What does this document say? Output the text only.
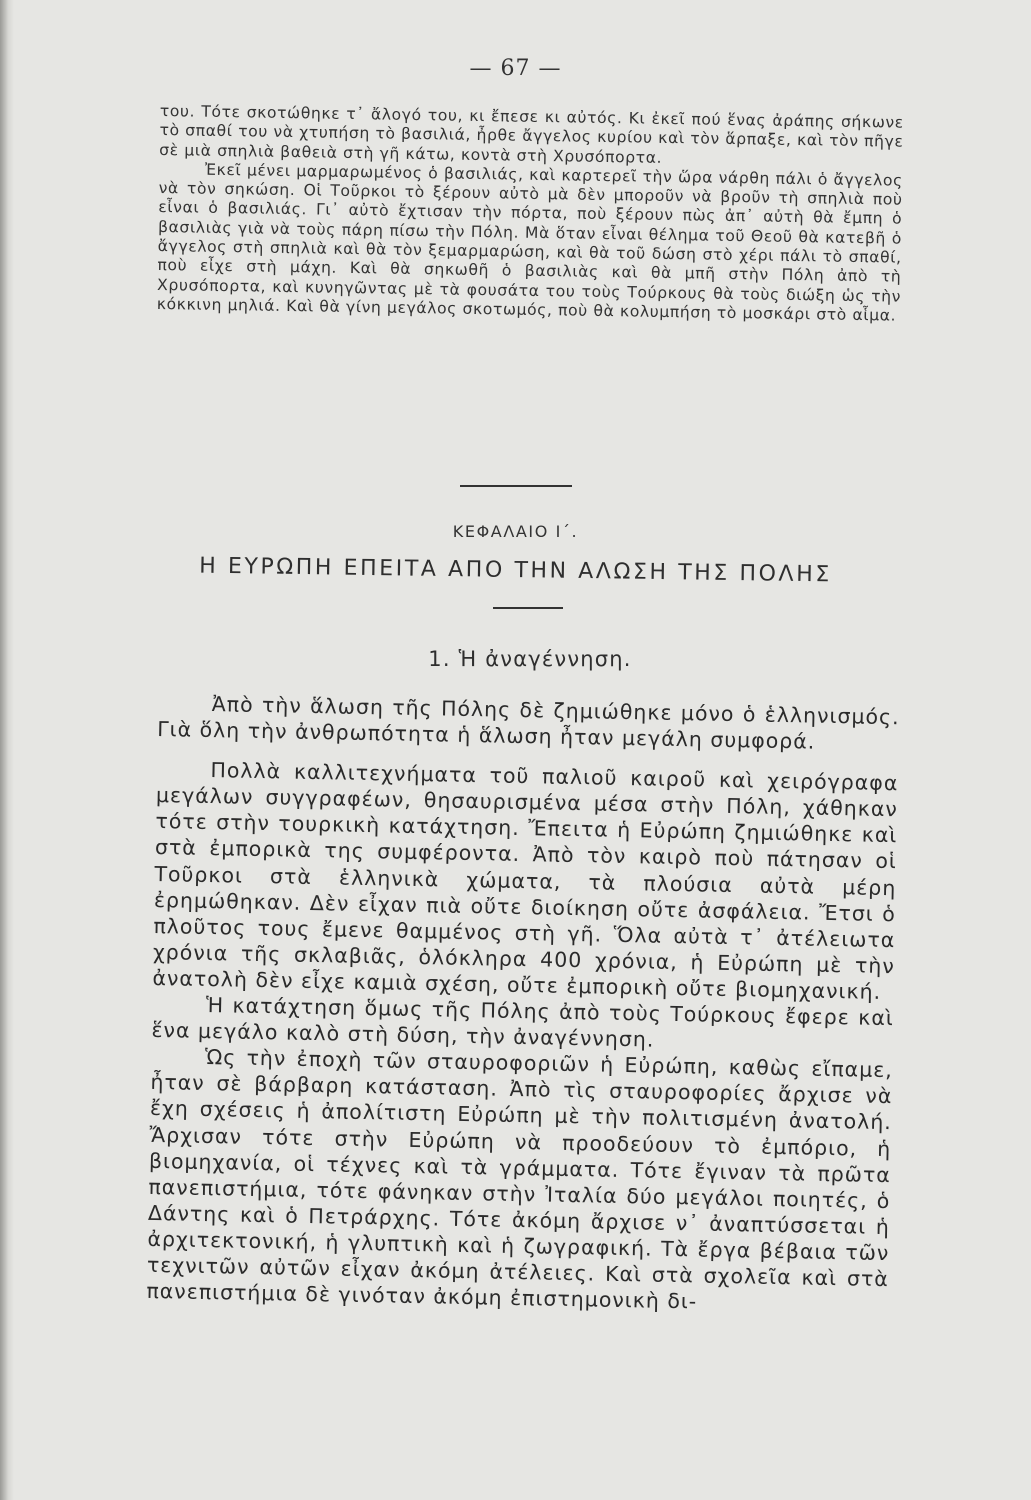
— 67 —

του. Τότε σκοτώθηκε τ᾽ ἄλογό του, κι ἔπεσε κι αὐτός. Κι ἐκεῖ πού ἕνας ἀράπης σήκωνε τὸ σπαθί του νὰ χτυπήση τὸ βασιλιά, ἦρθε ἄγγελος κυρίου καὶ τὸν ἅρπαξε, καὶ τὸν πῆγε σὲ μιὰ σπηλιὰ βαθειὰ στὴ γῆ κάτω, κοντὰ στὴ Χρυσόπορτα.

Ἐκεῖ μένει μαρμαρωμένος ὁ βασιλιάς, καὶ καρτερεῖ τὴν ὥρα νάρθη πάλι ὁ ἄγγελος νὰ τὸν σηκώση. Οἱ Τοῦρκοι τὸ ξέρουν αὐτὸ μὰ δὲν μποροῦν νὰ βροῦν τὴ σπηλιὰ ποὺ εἶναι ὁ βασιλιάς. Γι᾽ αὐτὸ ἔχτισαν τὴν πόρτα, ποὺ ξέρουν πὼς ἀπ᾽ αὐτὴ θὰ ἔμπη ὁ βασιλιὰς γιὰ νὰ τοὺς πάρη πίσω τὴν Πόλη. Μὰ ὅταν εἶναι θέλημα τοῦ Θεοῦ θὰ κατεβῆ ὁ ἄγγελος στὴ σπηλιὰ καὶ θὰ τὸν ξεμαρμαρώση, καὶ θὰ τοῦ δώση στὸ χέρι πάλι τὸ σπαθί, ποὺ εἶχε στὴ μάχη. Καὶ θὰ σηκωθῆ ὁ βασιλιὰς καὶ θὰ μπῆ στὴν Πόλη ἀπὸ τὴ Χρυσόπορτα, καὶ κυνηγῶντας μὲ τὰ φουσάτα του τοὺς Τούρκους θὰ τοὺς διώξη ὡς τὴν κόκκινη μηλιά. Καὶ θὰ γίνη μεγάλος σκοτωμός, ποὺ θὰ κολυμπήση τὸ μοσκάρι στὸ αἷμα.

ΚΕΦΑΛΑΙΟ Ι΄.
Η ΕΥΡΩΠΗ ΕΠΕΙΤΑ ΑΠΟ ΤΗΝ ΑΛΩΣΗ ΤΗΣ ΠΟΛΗΣ
1. Ἡ ἀναγέννηση.

Ἀπὸ τὴν ἅλωση τῆς Πόλης δὲ ζημιώθηκε μόνο ὁ ἑλληνισμός. Γιὰ ὅλη τὴν ἀνθρωπότητα ἡ ἅλωση ἦταν μεγάλη συμφορά.

Πολλὰ καλλιτεχνήματα τοῦ παλιοῦ καιροῦ καὶ χειρόγραφα μεγάλων συγγραφέων, θησαυρισμένα μέσα στὴν Πόλη, χάθηκαν τότε στὴν τουρκικὴ κατάχτηση. Ἔπειτα ἡ Εὐρώπη ζημιώθηκε καὶ στὰ ἐμπορικὰ της συμφέροντα. Ἀπὸ τὸν καιρὸ ποὺ πάτησαν οἱ Τοῦρκοι στὰ ἑλληνικὰ χώματα, τὰ πλούσια αὐτὰ μέρη ἐρημώθηκαν. Δὲν εἶχαν πιὰ οὔτε διοίκηση οὔτε ἀσφάλεια. Ἔτσι ὁ πλοῦτος τους ἔμενε θαμμένος στὴ γῆ. Ὅλα αὐτὰ τ᾽ ἀτέλειωτα χρόνια τῆς σκλαβιᾶς, ὁλόκληρα 400 χρόνια, ἡ Εὐρώπη μὲ τὴν ἀνατολὴ δὲν εἶχε καμιὰ σχέση, οὔτε ἐμπορικὴ οὔτε βιομηχανική.

Ἡ κατάχτηση ὅμως τῆς Πόλης ἀπὸ τοὺς Τούρκους ἔφερε καὶ ἕνα μεγάλο καλὸ στὴ δύση, τὴν ἀναγέννηση.

Ὡς τὴν ἐποχὴ τῶν σταυροφοριῶν ἡ Εὐρώπη, καθὼς εἴπαμε, ἦταν σὲ βάρβαρη κατάσταση. Ἀπὸ τὶς σταυροφορίες ἄρχισε νὰ ἔχη σχέσεις ἡ ἀπολίτιστη Εὐρώπη μὲ τὴν πολιτισμένη ἀνατολή. Ἄρχισαν τότε στὴν Εὐρώπη νὰ προοδεύουν τὸ ἐμπόριο, ἡ βιομηχανία, οἱ τέχνες καὶ τὰ γράμματα. Τότε ἔγιναν τὰ πρῶτα πανεπιστήμια, τότε φάνηκαν στὴν Ἰταλία δύο μεγάλοι ποιητές, ὁ Δάντης καὶ ὁ Πετράρχης. Τότε ἀκόμη ἄρχισε ν᾽ ἀναπτύσσεται ἡ ἀρχιτεκτονική, ἡ γλυπτικὴ καὶ ἡ ζωγραφική. Τὰ ἔργα βέβαια τῶν τεχνιτῶν αὐτῶν εἶχαν ἀκόμη ἀτέλειες. Καὶ στὰ σχολεῖα καὶ στὰ πανεπιστήμια δὲ γινόταν ἀκόμη ἐπιστημονικὴ δι-
